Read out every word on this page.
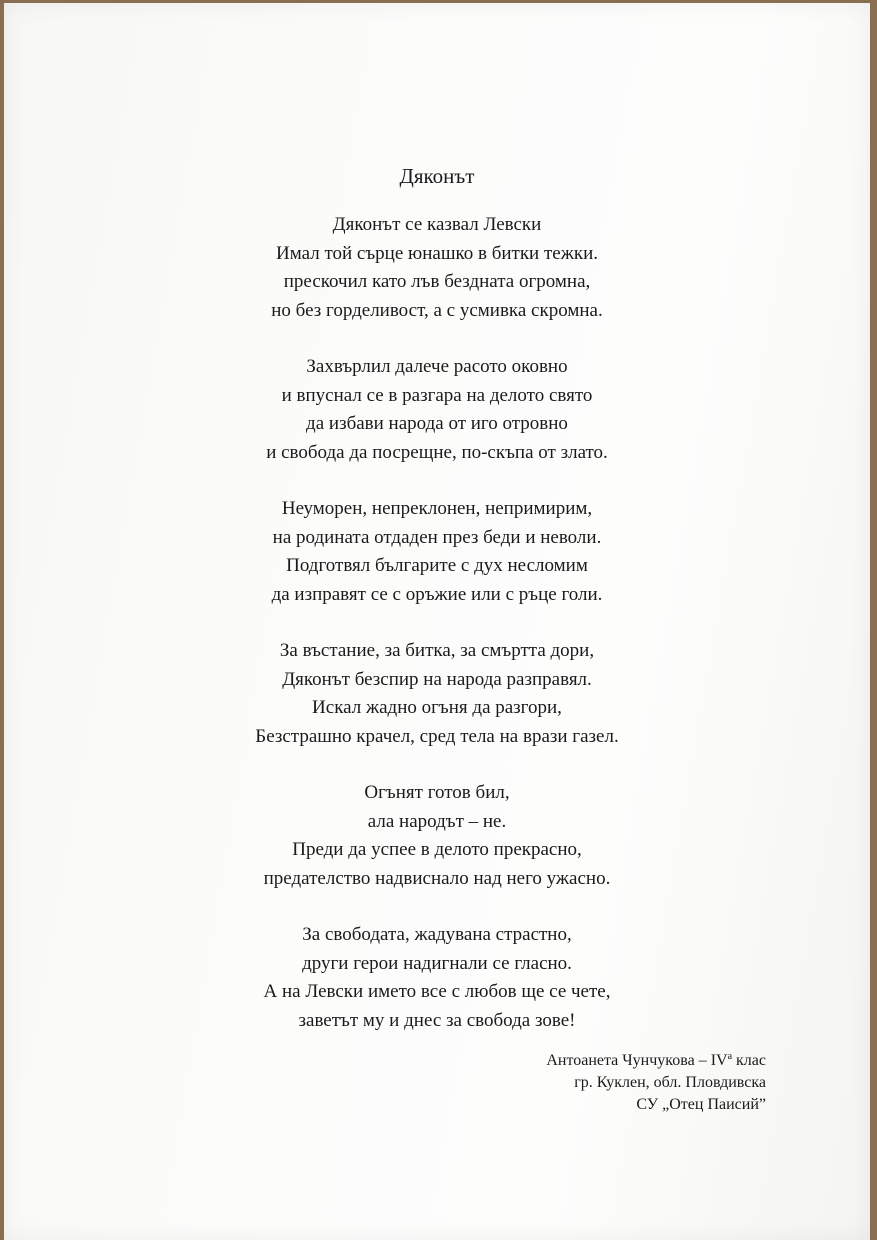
Дяконът
Дяконът се казвал Левски
Имал той сърце юнашко в битки тежки.
прескочил като лъв бездната огромна,
но без горделивост, а с усмивка скромна.
Захвърлил далече расото оковно
и впуснал се в разгара на делото свято
да избави народа от иго отровно
и свобода да посрещне, по-скъпа от злато.
Неуморен, непреклонен, непримирим,
на родината отдаден през беди и неволи.
Подготвял българите с дух несломим
да изправят се с оръжие или с ръце голи.
За въстание, за битка, за смъртта дори,
Дяконът безспир на народа разправял.
Искал жадно огъня да разгори,
Безстрашно крачел, сред тела на врази газел.
Огънят готов бил,
ала народът – не.
Преди да успее в делото прекрасно,
предателство надвиснало над него ужасно.
За свободата, жадувана страстно,
други герои надигнали се гласно.
А на Левски името все с любов ще се чете,
заветът му и днес за свобода зове!
Антоанета Чунчукова – $IV^а$ клас
гр. Куклен, обл. Пловдивска
СУ „Отец Паисий”
